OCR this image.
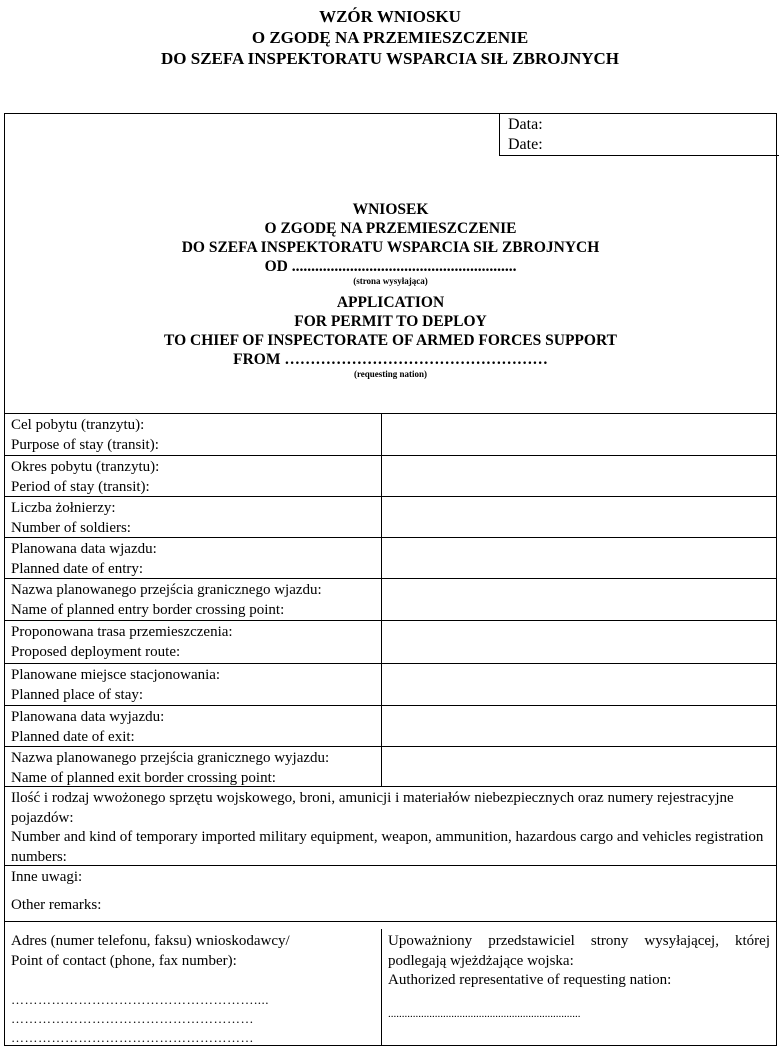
WZÓR WNIOSKU
O ZGODĘ NA PRZEMIESZCZENIE
DO SZEFA INSPEKTORATU WSPARCIA SIŁ ZBROJNYCH
Data:
Date:
WNIOSEK
O ZGODĘ NA PRZEMIESZCZENIE
DO SZEFA INSPEKTORATU WSPARCIA SIŁ ZBROJNYCH
OD ..........................................................
(strona wysyłająca)
APPLICATION
FOR PERMIT TO DEPLOY
TO CHIEF OF INSPECTORATE OF ARMED FORCES SUPPORT
FROM ……………………………………………
(requesting nation)
Cel pobytu (tranzytu):
Purpose of stay (transit):
Okres pobytu (tranzytu):
Period of stay (transit):
Liczba żołnierzy:
Number of soldiers:
Planowana data wjazdu:
Planned date of entry:
Nazwa planowanego przejścia granicznego wjazdu:
Name of planned entry border crossing point:
Proponowana trasa przemieszczenia:
Proposed deployment route:
Planowane miejsce stacjonowania:
Planned place of stay:
Planowana data wyjazdu:
Planned date of exit:
Nazwa planowanego przejścia granicznego wyjazdu:
Name of planned exit border crossing point:
Ilość i rodzaj wwożonego sprzętu wojskowego, broni, amunicji i materiałów niebezpiecznych oraz numery rejestracyjne pojazdów:
Number and kind of temporary imported military equipment, weapon, ammunition, hazardous cargo and vehicles registration numbers:
Inne uwagi:
Other remarks:
Adres (numer telefonu, faksu) wnioskodawcy/
Point of contact (phone, fax number):
………………………………………………....
………………………………………………
………………………………………………
Upoważniony przedstawiciel strony wysyłającej, której podlegają wjeżdżające wojska:
Authorized representative of requesting nation:
......................................................................
